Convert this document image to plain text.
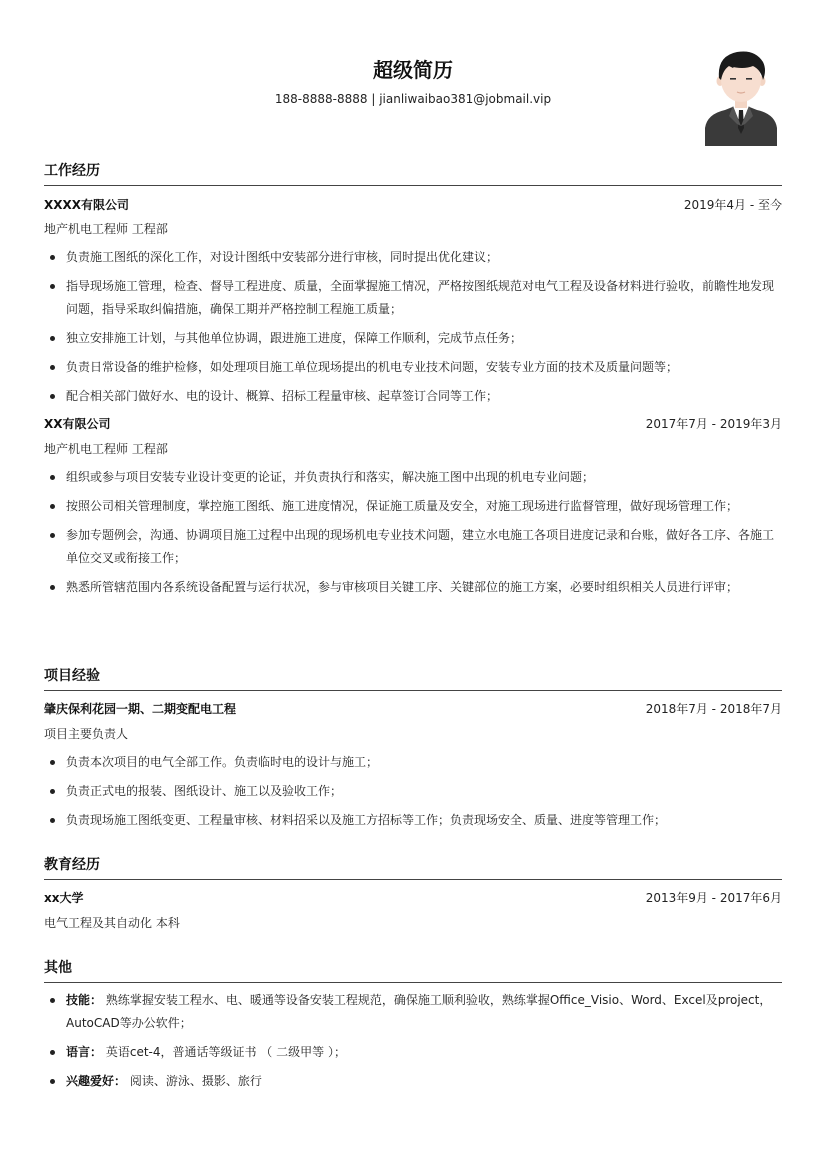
超级简历
188-8888-8888 | jianliwaibao381@jobmail.vip
工作经历
XXXX有限公司	2019年4月 - 至今
地产机电工程师 工程部
负责施工图纸的深化工作，对设计图纸中安装部分进行审核，同时提出优化建议；
指导现场施工管理，检查、督导工程进度、质量，全面掌握施工情况，严格按图纸规范对电气工程及设备材料进行验收，前瞻性地发现问题，指导采取纠偏措施，确保工期并严格控制工程施工质量；
独立安排施工计划，与其他单位协调，跟进施工进度，保障工作顺利，完成节点任务；
负责日常设备的维护检修，如处理项目施工单位现场提出的机电专业技术问题，安装专业方面的技术及质量问题等；
配合相关部门做好水、电的设计、概算、招标工程量审核、起草签订合同等工作；
XX有限公司	2017年7月 - 2019年3月
地产机电工程师 工程部
组织或参与项目安装专业设计变更的论证，并负责执行和落实，解决施工图中出现的机电专业问题；
按照公司相关管理制度，掌控施工图纸、施工进度情况，保证施工质量及安全，对施工现场进行监督管理，做好现场管理工作；
参加专题例会，沟通、协调项目施工过程中出现的现场机电专业技术问题，建立水电施工各项目进度记录和台账，做好各工序、各施工单位交叉或衔接工作；
熟悉所管辖范围内各系统设备配置与运行状况，参与审核项目关键工序、关键部位的施工方案，必要时组织相关人员进行评审；
项目经验
肇庆保利花园一期、二期变配电工程	2018年7月 - 2018年7月
项目主要负责人
负责本次项目的电气全部工作。负责临时电的设计与施工；
负责正式电的报装、图纸设计、施工以及验收工作；
负责现场施工图纸变更、工程量审核、材料招采以及施工方招标等工作；负责现场安全、质量、进度等管理工作；
教育经历
xx大学	2013年9月 - 2017年6月
电气工程及其自动化 本科
其他
技能： 熟练掌握安装工程水、电、暖通等设备安装工程规范，确保施工顺利验收，熟练掌握Office_Visio、Word、Excel及project，AutoCAD等办公软件；
语言： 英语cet-4，普通话等级证书 （ 二级甲等 ）；
兴趣爱好： 阅读、游泳、摄影、旅行
